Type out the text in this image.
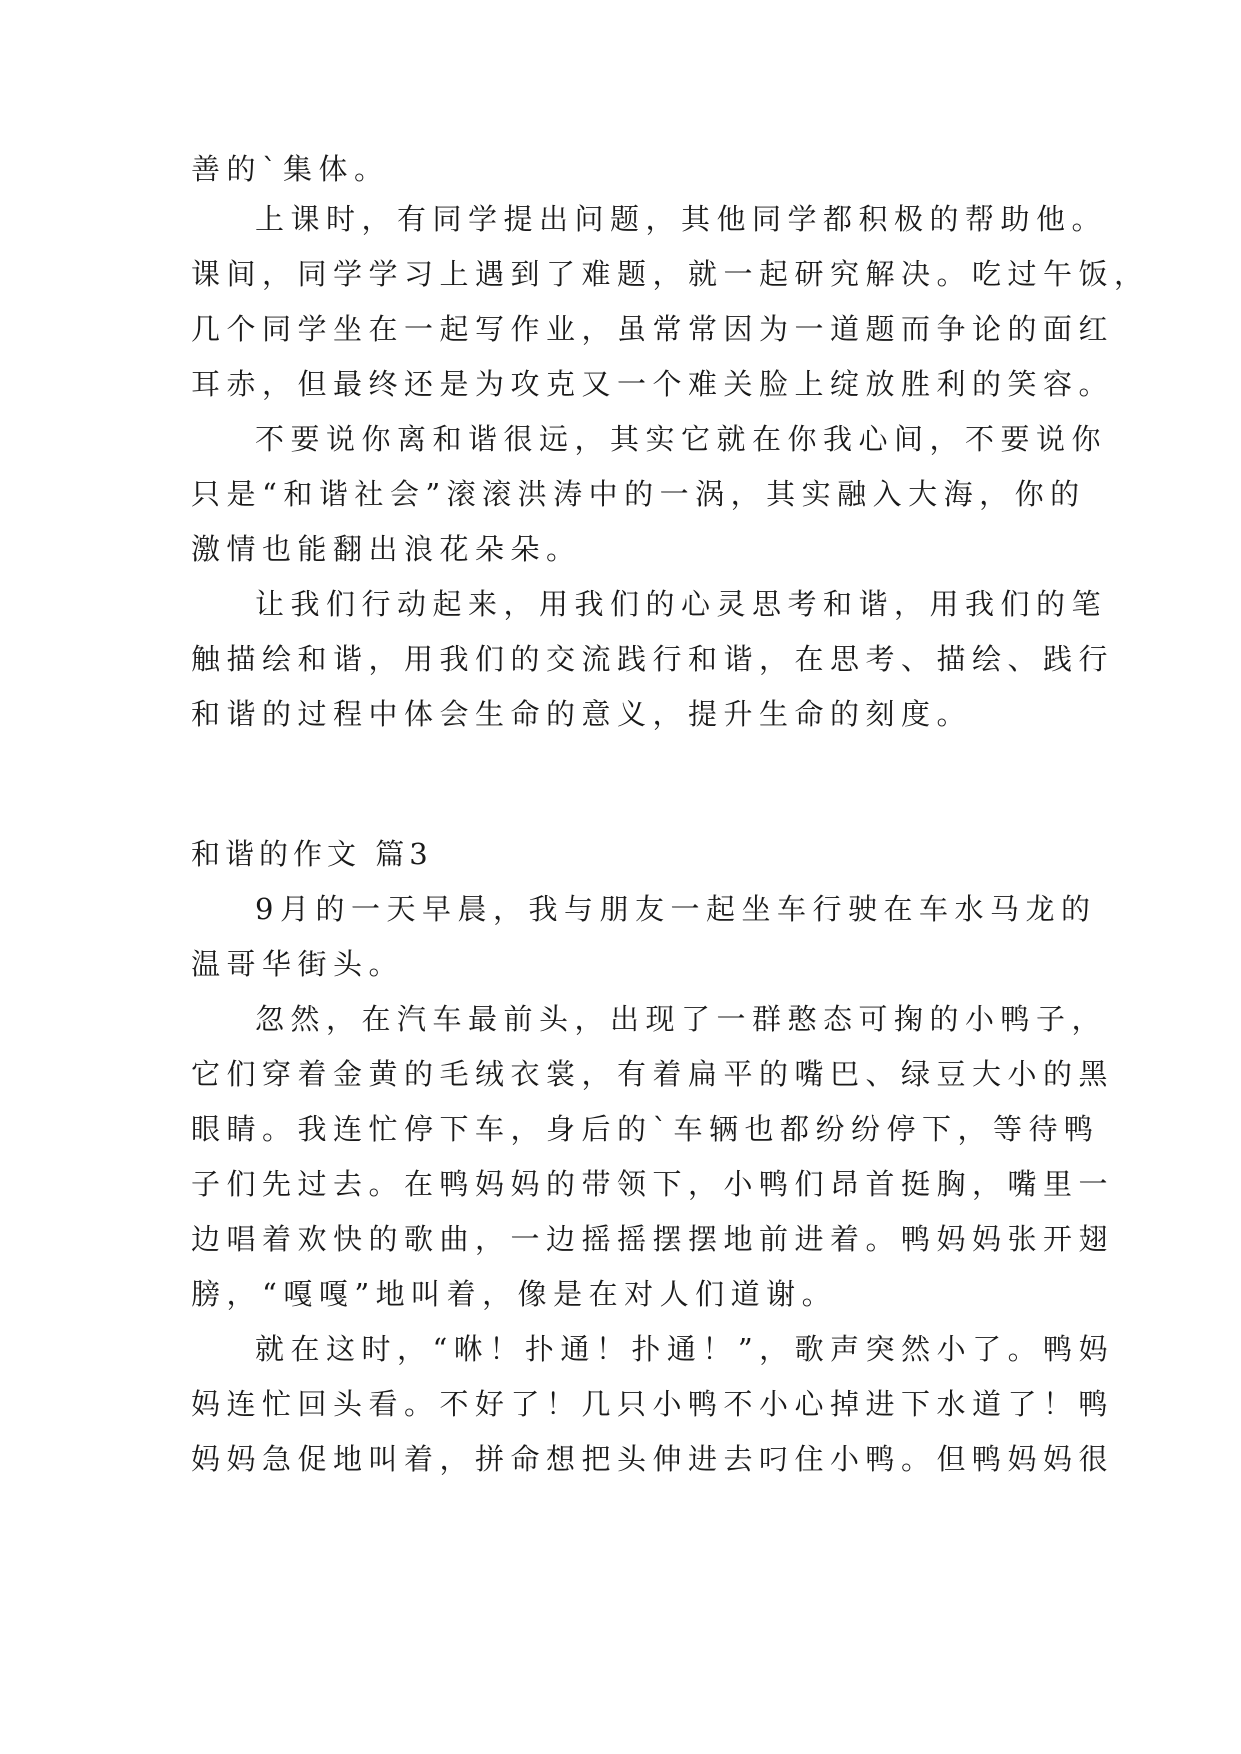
善的`集体。
上课时，有同学提出问题，其他同学都积极的帮助他。
课间，同学学习上遇到了难题，就一起研究解决。吃过午饭，
几个同学坐在一起写作业，虽常常因为一道题而争论的面红
耳赤，但最终还是为攻克又一个难关脸上绽放胜利的笑容。
不要说你离和谐很远，其实它就在你我心间，不要说你
只是“和谐社会”滚滚洪涛中的一涡，其实融入大海，你的
激情也能翻出浪花朵朵。
让我们行动起来，用我们的心灵思考和谐，用我们的笔
触描绘和谐，用我们的交流践行和谐，在思考、描绘、践行
和谐的过程中体会生命的意义，提升生命的刻度。
和谐的作文 篇3
9月的一天早晨，我与朋友一起坐车行驶在车水马龙的
温哥华街头。
忽然，在汽车最前头，出现了一群憨态可掬的小鸭子，
它们穿着金黄的毛绒衣裳，有着扁平的嘴巴、绿豆大小的黑
眼睛。我连忙停下车，身后的`车辆也都纷纷停下，等待鸭
子们先过去。在鸭妈妈的带领下，小鸭们昂首挺胸，嘴里一
边唱着欢快的歌曲，一边摇摇摆摆地前进着。鸭妈妈张开翅
膀，“嘎嘎”地叫着，像是在对人们道谢。
就在这时，“咻！扑通！扑通！”，歌声突然小了。鸭妈
妈连忙回头看。不好了！几只小鸭不小心掉进下水道了！鸭
妈妈急促地叫着，拼命想把头伸进去叼住小鸭。但鸭妈妈很
